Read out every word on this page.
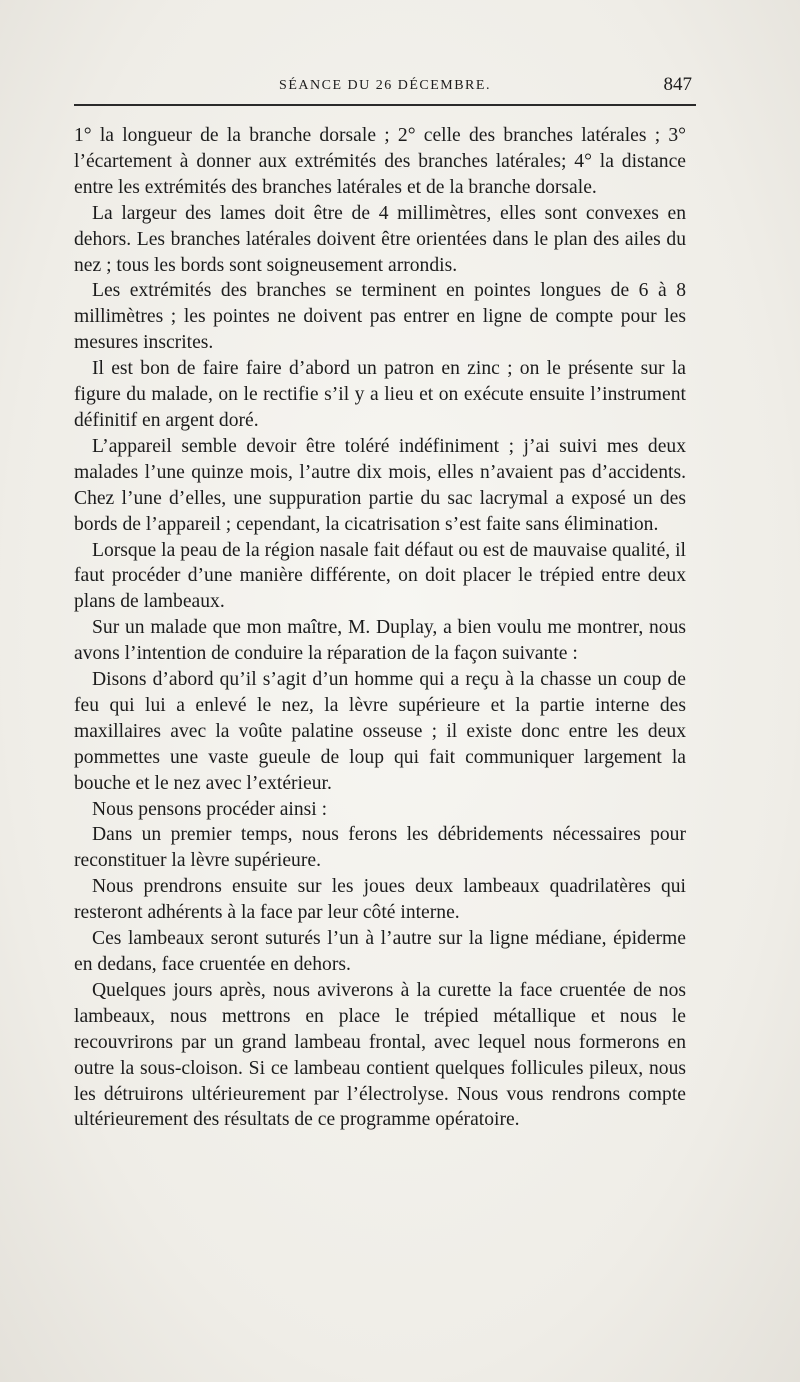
SÉANCE DU 26 DÉCEMBRE.	847

1° la longueur de la branche dorsale ; 2° celle des branches latérales ; 3° l’écartement à donner aux extrémités des branches latérales; 4° la distance entre les extrémités des branches latérales et de la branche dorsale.

La largeur des lames doit être de 4 millimètres, elles sont convexes en dehors. Les branches latérales doivent être orientées dans le plan des ailes du nez ; tous les bords sont soigneusement arrondis.

Les extrémités des branches se terminent en pointes longues de 6 à 8 millimètres ; les pointes ne doivent pas entrer en ligne de compte pour les mesures inscrites.

Il est bon de faire faire d’abord un patron en zinc ; on le présente sur la figure du malade, on le rectifie s’il y a lieu et on exécute ensuite l’instrument définitif en argent doré.

L’appareil semble devoir être toléré indéfiniment ; j’ai suivi mes deux malades l’une quinze mois, l’autre dix mois, elles n’avaient pas d’accidents. Chez l’une d’elles, une suppuration partie du sac lacrymal a exposé un des bords de l’appareil ; cependant, la cicatrisation s’est faite sans élimination.

Lorsque la peau de la région nasale fait défaut ou est de mauvaise qualité, il faut procéder d’une manière différente, on doit placer le trépied entre deux plans de lambeaux.

Sur un malade que mon maître, M. Duplay, a bien voulu me montrer, nous avons l’intention de conduire la réparation de la façon suivante :

Disons d’abord qu’il s’agit d’un homme qui a reçu à la chasse un coup de feu qui lui a enlevé le nez, la lèvre supérieure et la partie interne des maxillaires avec la voûte palatine osseuse ; il existe donc entre les deux pommettes une vaste gueule de loup qui fait communiquer largement la bouche et le nez avec l’extérieur.

Nous pensons procéder ainsi :

Dans un premier temps, nous ferons les débridements nécessaires pour reconstituer la lèvre supérieure.

Nous prendrons ensuite sur les joues deux lambeaux quadrilatères qui resteront adhérents à la face par leur côté interne.

Ces lambeaux seront suturés l’un à l’autre sur la ligne médiane, épiderme en dedans, face cruentée en dehors.

Quelques jours après, nous aviverons à la curette la face cruentée de nos lambeaux, nous mettrons en place le trépied métallique et nous le recouvrirons par un grand lambeau frontal, avec lequel nous formerons en outre la sous-cloison. Si ce lambeau contient quelques follicules pileux, nous les détruirons ultérieurement par l’électrolyse. Nous vous rendrons compte ultérieurement des résultats de ce programme opératoire.
